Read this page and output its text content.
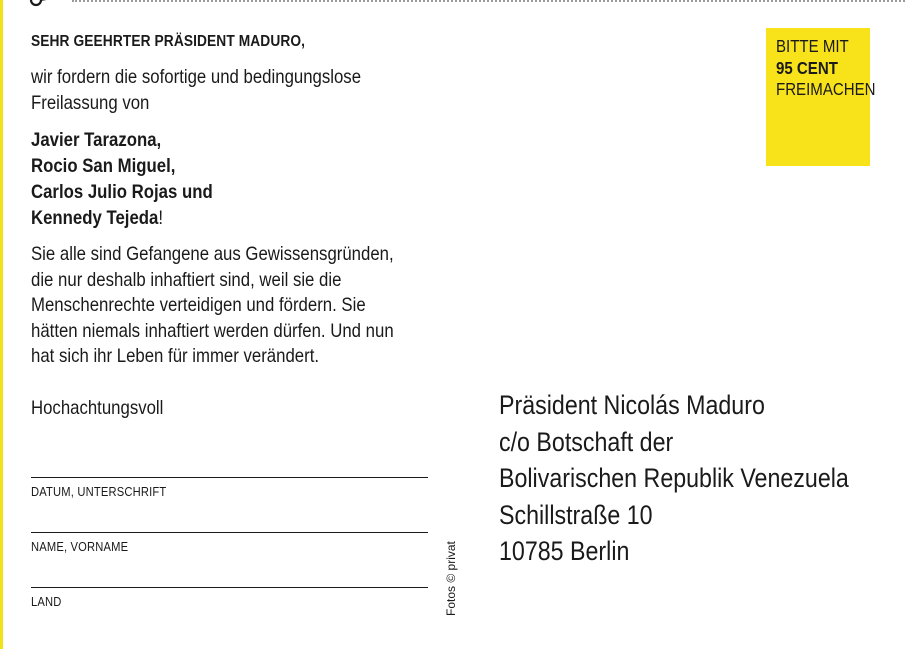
SEHR GEEHRTER PRÄSIDENT MADURO,
wir fordern die sofortige und bedingungslose
Freilassung von
Javier Tarazona,
Rocio San Miguel,
Carlos Julio Rojas und
Kennedy Tejeda!
Sie alle sind Gefangene aus Gewissensgründen,
die nur deshalb inhaftiert sind, weil sie die
Menschenrechte verteidigen und fördern. Sie
hätten niemals inhaftiert werden dürfen. Und nun
hat sich ihr Leben für immer verändert.
Hochachtungsvoll
DATUM, UNTERSCHRIFT
NAME, VORNAME
LAND	Fotos © privat
BITTE MIT
95 CENT
FREIMACHEN
Präsident Nicolás Maduro
c/o Botschaft der
Bolivarischen Republik Venezuela
Schillstraße 10
10785 Berlin
